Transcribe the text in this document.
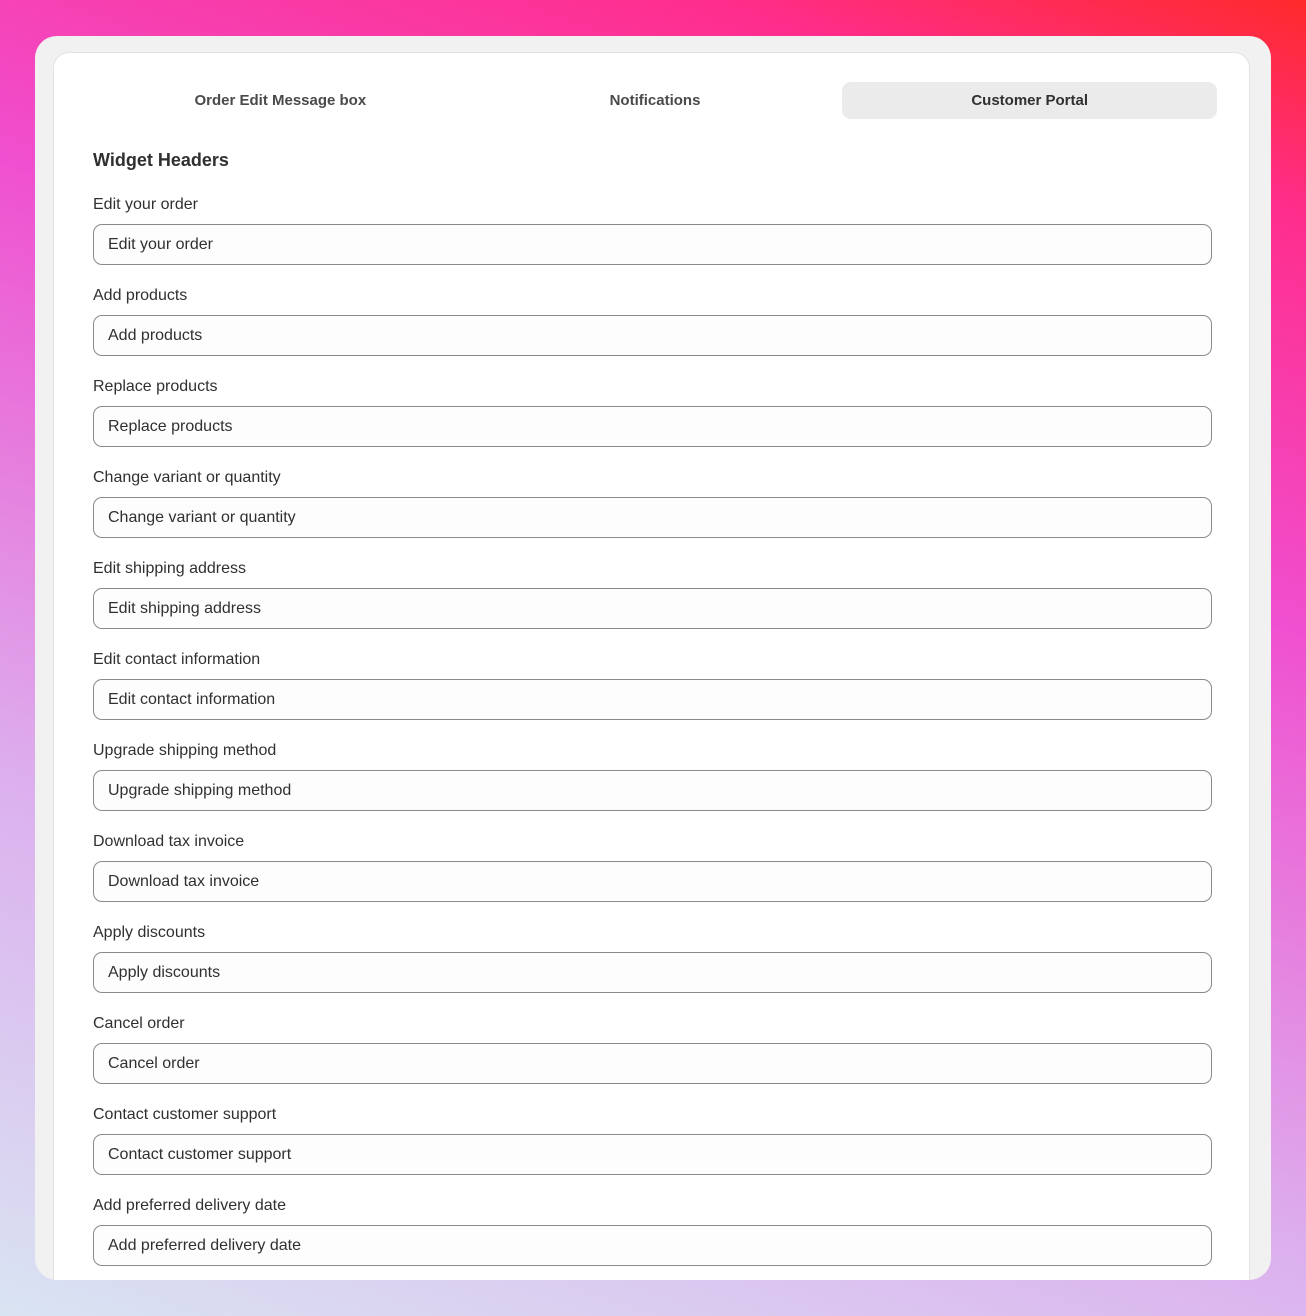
Order Edit Message box	Notifications	Customer Portal
Widget Headers
Edit your order
Edit your order
Add products
Add products
Replace products
Replace products
Change variant or quantity
Change variant or quantity
Edit shipping address
Edit shipping address
Edit contact information
Edit contact information
Upgrade shipping method
Upgrade shipping method
Download tax invoice
Download tax invoice
Apply discounts
Apply discounts
Cancel order
Cancel order
Contact customer support
Contact customer support
Add preferred delivery date
Add preferred delivery date
